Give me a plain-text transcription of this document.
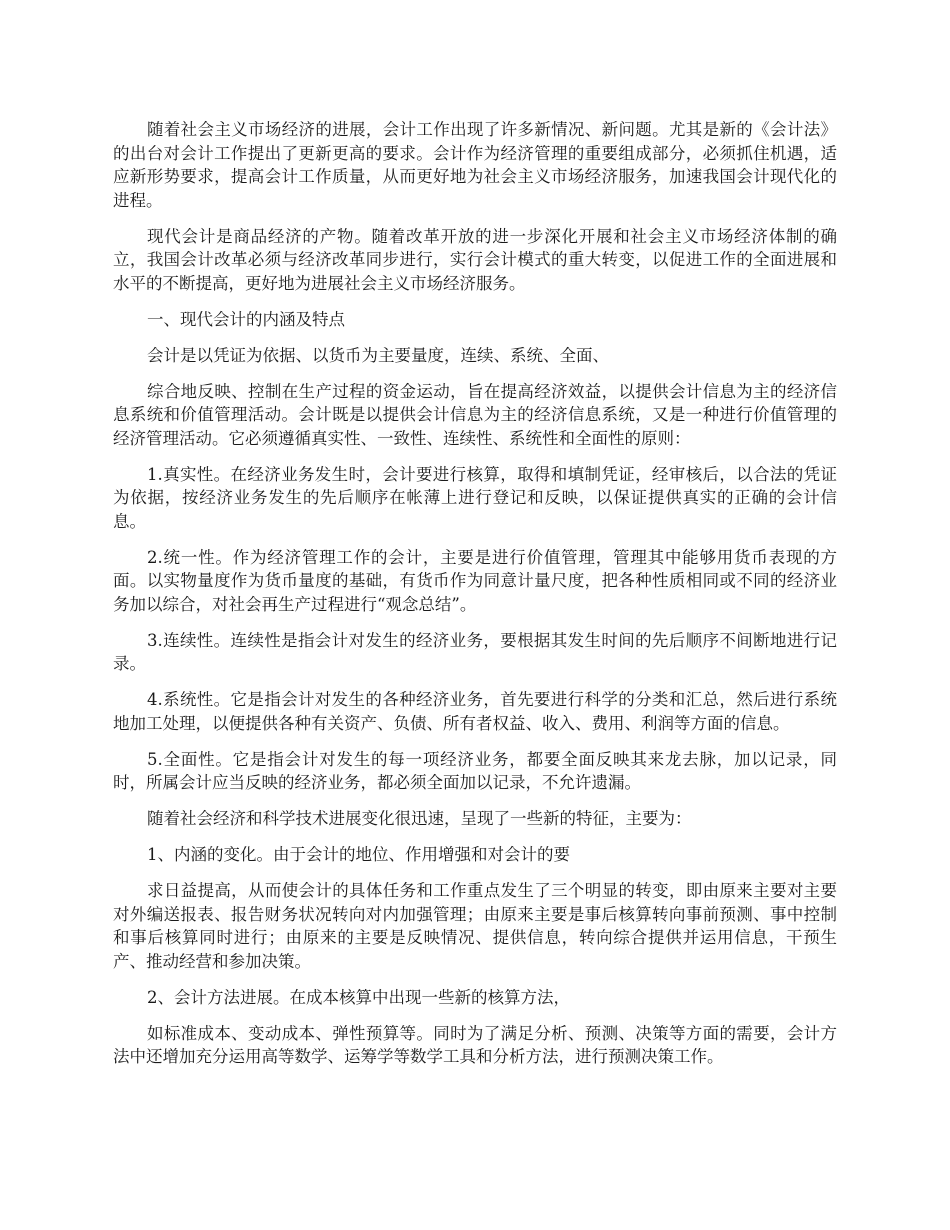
随着社会主义市场经济的进展，会计工作出现了许多新情况、新问题。尤其是新的《会计法》的出台对会计工作提出了更新更高的要求。会计作为经济管理的重要组成部分，必须抓住机遇，适应新形势要求，提高会计工作质量，从而更好地为社会主义市场经济服务，加速我国会计现代化的进程。

现代会计是商品经济的产物。随着改革开放的进一步深化开展和社会主义市场经济体制的确立，我国会计改革必须与经济改革同步进行，实行会计模式的重大转变，以促进工作的全面进展和水平的不断提高，更好地为进展社会主义市场经济服务。

一、现代会计的内涵及特点

会计是以凭证为依据、以货币为主要量度，连续、系统、全面、

综合地反映、控制在生产过程的资金运动，旨在提高经济效益，以提供会计信息为主的经济信息系统和价值管理活动。会计既是以提供会计信息为主的经济信息系统，又是一种进行价值管理的经济管理活动。它必须遵循真实性、一致性、连续性、系统性和全面性的原则：

1.真实性。在经济业务发生时，会计要进行核算，取得和填制凭证，经审核后，以合法的凭证为依据，按经济业务发生的先后顺序在帐薄上进行登记和反映，以保证提供真实的正确的会计信息。

2.统一性。作为经济管理工作的会计，主要是进行价值管理，管理其中能够用货币表现的方面。以实物量度作为货币量度的基础，有货币作为同意计量尺度，把各种性质相同或不同的经济业务加以综合，对社会再生产过程进行“观念总结”。

3.连续性。连续性是指会计对发生的经济业务，要根据其发生时间的先后顺序不间断地进行记录。

4.系统性。它是指会计对发生的各种经济业务，首先要进行科学的分类和汇总，然后进行系统地加工处理，以便提供各种有关资产、负债、所有者权益、收入、费用、利润等方面的信息。

5.全面性。它是指会计对发生的每一项经济业务，都要全面反映其来龙去脉，加以记录，同时，所属会计应当反映的经济业务，都必须全面加以记录，不允许遗漏。

随着社会经济和科学技术进展变化很迅速，呈现了一些新的特征，主要为：

1、内涵的变化。由于会计的地位、作用增强和对会计的要

求日益提高，从而使会计的具体任务和工作重点发生了三个明显的转变，即由原来主要对主要对外编送报表、报告财务状况转向对内加强管理；由原来主要是事后核算转向事前预测、事中控制和事后核算同时进行；由原来的主要是反映情况、提供信息，转向综合提供并运用信息，干预生产、推动经营和参加决策。

2、会计方法进展。在成本核算中出现一些新的核算方法，

如标准成本、变动成本、弹性预算等。同时为了满足分析、预测、决策等方面的需要，会计方法中还增加充分运用高等数学、运筹学等数学工具和分析方法，进行预测决策工作。
